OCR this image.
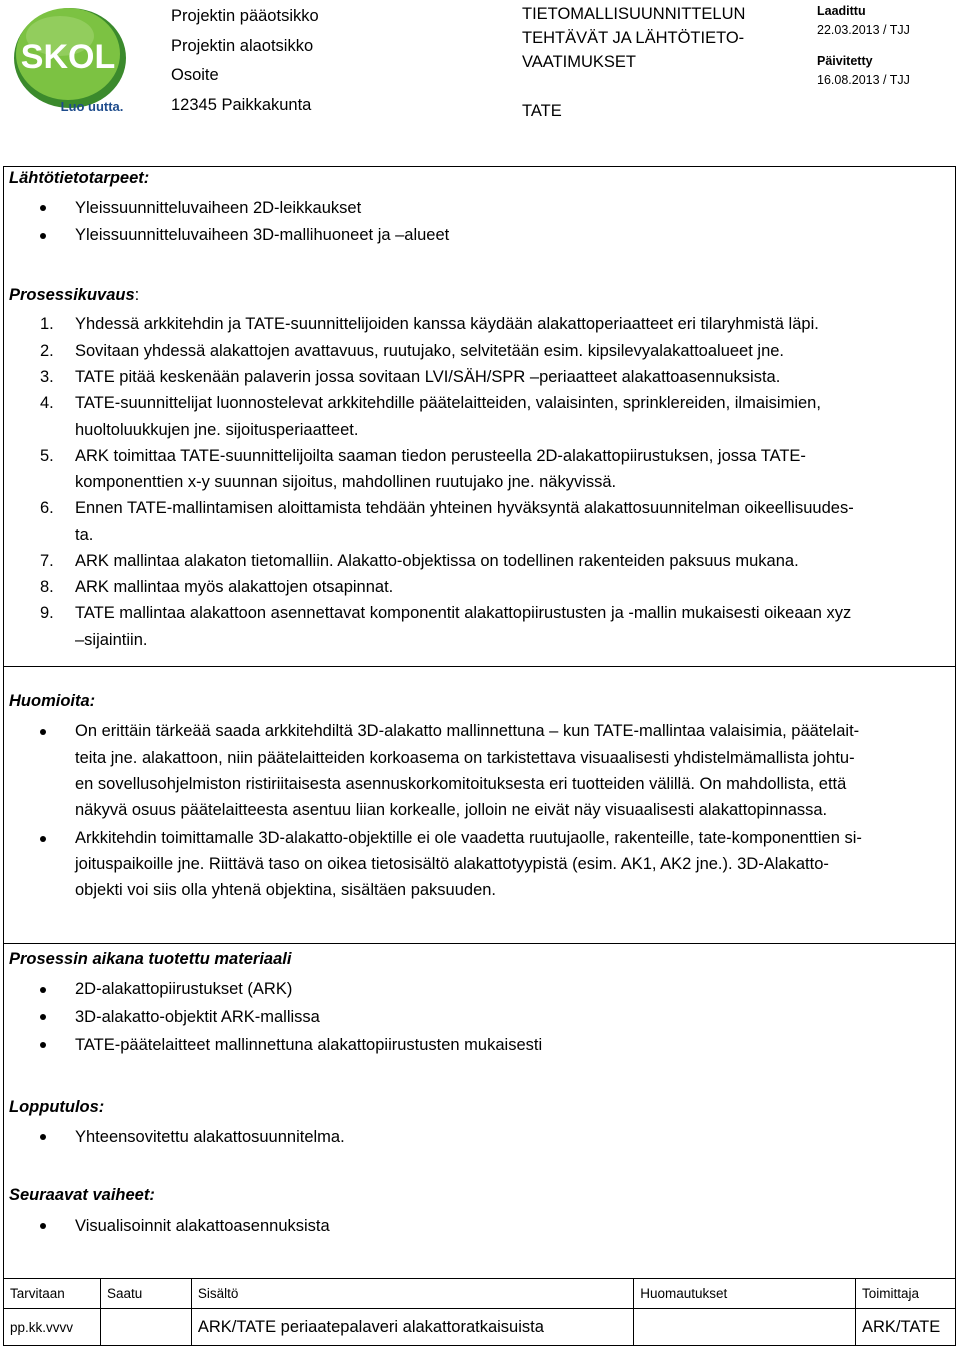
SKOL
Luo uutta.
Projektin pääotsikko
Projektin alaotsikko
Osoite
12345 Paikkakunta
TIETOMALLISUUNNITTELUN
TEHTÄVÄT JA LÄHTÖTIETO-
VAATIMUKSET
TATE
Laadittu
22.03.2013 / TJJ
Päivitetty
16.08.2013 / TJJ
Lähtötietotarpeet:
Yleissuunnitteluvaiheen 2D-leikkaukset
Yleissuunnitteluvaiheen 3D-mallihuoneet ja –alueet
Prosessikuvaus:
1. Yhdessä arkkitehdin ja TATE-suunnittelijoiden kanssa käydään alakattoperiaatteet eri tilaryhmistä läpi.
2. Sovitaan yhdessä alakattojen avattavuus, ruutujako, selvitetään esim. kipsilevyalakattoalueet jne.
3. TATE pitää keskenään palaverin jossa sovitaan LVI/SÄH/SPR –periaatteet alakattoasennuksista.
4. TATE-suunnittelijat luonnostelevat arkkitehdille päätelaitteiden, valaisinten, sprinklereiden, ilmaisimien,
huoltoluukkujen jne. sijoitusperiaatteet.
5. ARK toimittaa TATE-suunnittelijoilta saaman tiedon perusteella 2D-alakattopiirustuksen, jossa TATE-
komponenttien x-y suunnan sijoitus, mahdollinen ruutujako jne. näkyvissä.
6. Ennen TATE-mallintamisen aloittamista tehdään yhteinen hyväksyntä alakattosuunnitelman oikeellisuudes-
ta.
7. ARK mallintaa alakaton tietomalliin. Alakatto-objektissa on todellinen rakenteiden paksuus mukana.
8. ARK mallintaa myös alakattojen otsapinnat.
9. TATE mallintaa alakattoon asennettavat komponentit alakattopiirustusten ja -mallin mukaisesti oikeaan xyz
–sijaintiin.
Huomioita:
On erittäin tärkeää saada arkkitehdiltä 3D-alakatto mallinnettuna – kun TATE-mallintaa valaisimia, päätelait-
teita jne. alakattoon, niin päätelaitteiden korkoasema on tarkistettava visuaalisesti yhdistelmämallista johtu-
en sovellusohjelmiston ristiriitaisesta asennuskorkomitoituksesta eri tuotteiden välillä. On mahdollista, että
näkyvä osuus päätelaitteesta asentuu liian korkealle, jolloin ne eivät näy visuaalisesti alakattopinnassa.
Arkkitehdin toimittamalle 3D-alakatto-objektille ei ole vaadetta ruutujaolle, rakenteille, tate-komponenttien si-
joituspaikoille jne. Riittävä taso on oikea tietosisältö alakattotyypistä (esim. AK1, AK2 jne.). 3D-Alakatto-
objekti voi siis olla yhtenä objektina, sisältäen paksuuden.
Prosessin aikana tuotettu materiaali
2D-alakattopiirustukset (ARK)
3D-alakatto-objektit ARK-mallissa
TATE-päätelaitteet mallinnettuna alakattopiirustusten mukaisesti
Lopputulos:
Yhteensovitettu alakattosuunnitelma.
Seuraavat vaiheet:
Visualisoinnit alakattoasennuksista
Tarvitaan	Saatu	Sisältö	Huomautukset	Toimittaja
pp.kk.vvvv		ARK/TATE periaatepalaveri alakattoratkaisuista		ARK/TATE
